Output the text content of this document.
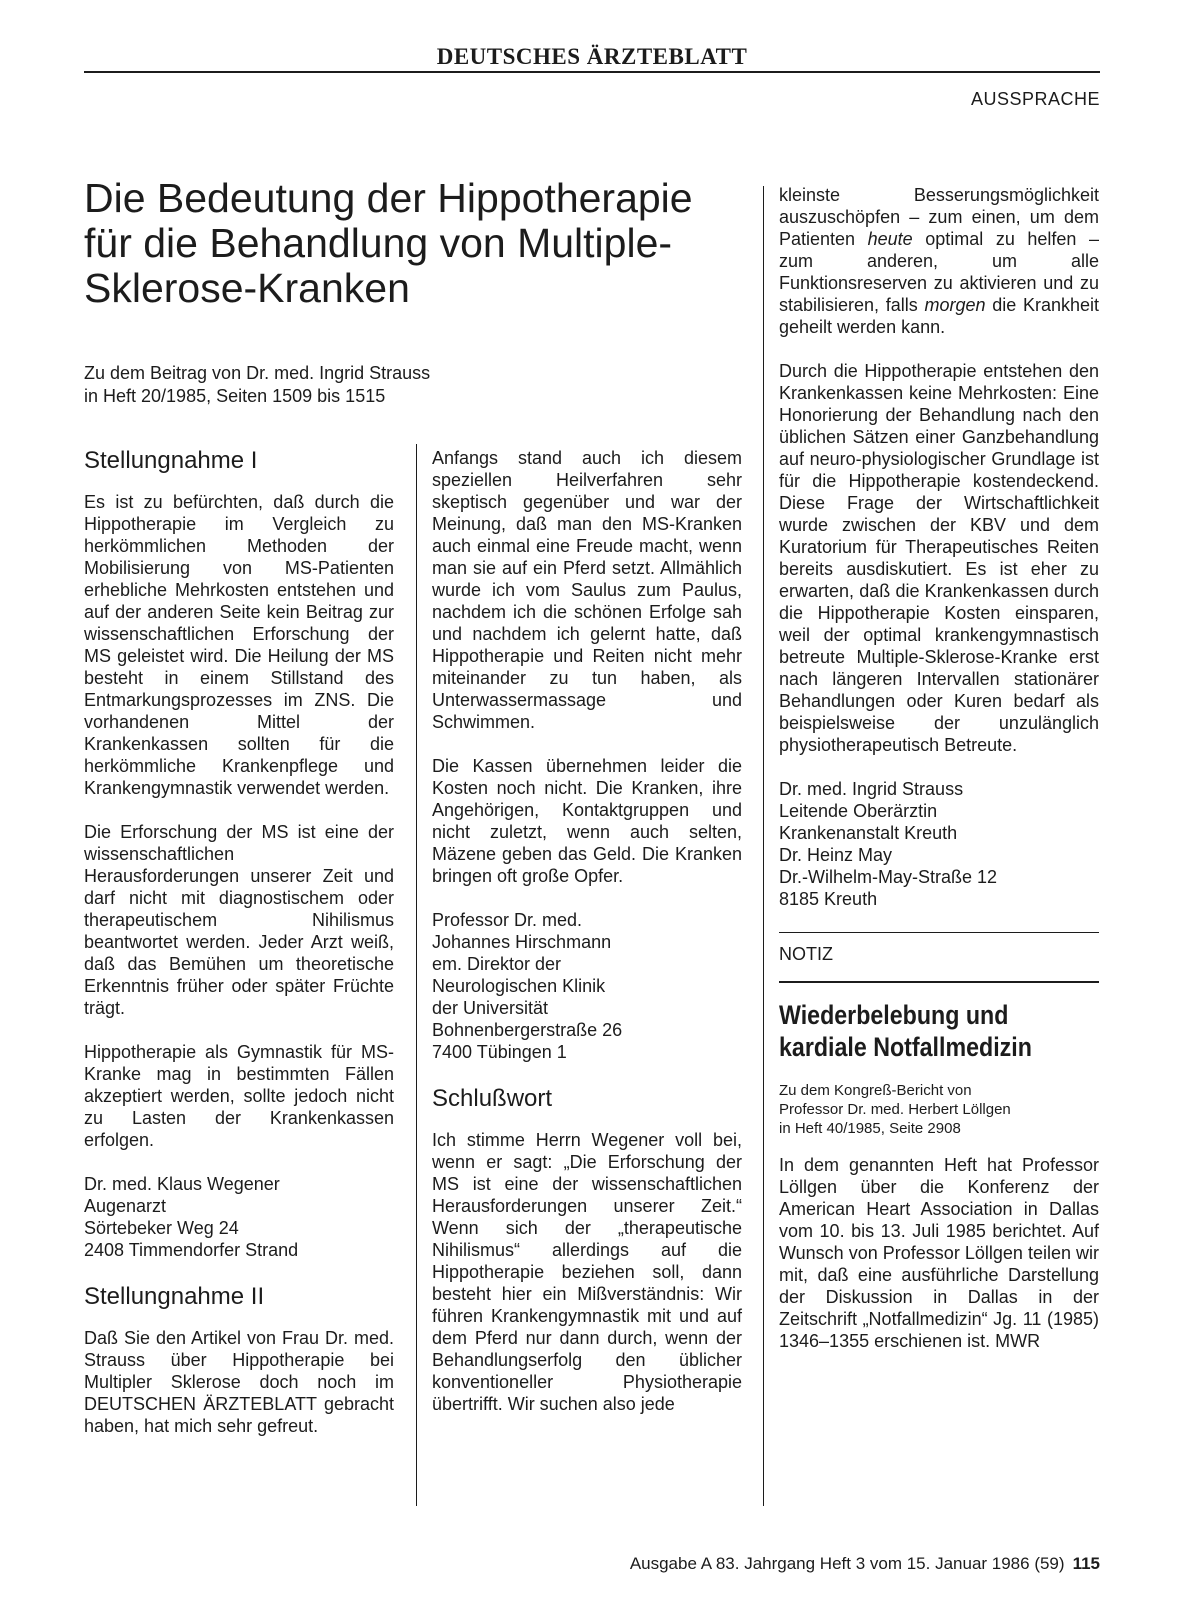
DEUTSCHES ÄRZTEBLATT
AUSSPRACHE
Die Bedeutung der Hippotherapie für die Behandlung von Multiple-Sklerose-Kranken
Zu dem Beitrag von Dr. med. Ingrid Strauss
in Heft 20/1985, Seiten 1509 bis 1515
Stellungnahme I

Es ist zu befürchten, daß durch die Hippotherapie im Vergleich zu herkömmlichen Methoden der Mobilisierung von MS-Patienten erhebliche Mehrkosten entstehen und auf der anderen Seite kein Beitrag zur wissenschaftlichen Erforschung der MS geleistet wird. Die Heilung der MS besteht in einem Stillstand des Entmarkungsprozesses im ZNS. Die vorhandenen Mittel der Krankenkassen sollten für die herkömmliche Krankenpflege und Krankengymnastik verwendet werden.

Die Erforschung der MS ist eine der wissenschaftlichen Herausforderungen unserer Zeit und darf nicht mit diagnostischem oder therapeutischem Nihilismus beantwortet werden. Jeder Arzt weiß, daß das Bemühen um theoretische Erkenntnis früher oder später Früchte trägt.

Hippotherapie als Gymnastik für MS-Kranke mag in bestimmten Fällen akzeptiert werden, sollte jedoch nicht zu Lasten der Krankenkassen erfolgen.

Dr. med. Klaus Wegener
Augenarzt
Sörtebeker Weg 24
2408 Timmendorfer Strand

Stellungnahme II

Daß Sie den Artikel von Frau Dr. med. Strauss über Hippotherapie bei Multipler Sklerose doch noch im DEUTSCHEN ÄRZTEBLATT gebracht haben, hat mich sehr gefreut.

Anfangs stand auch ich diesem speziellen Heilverfahren sehr skeptisch gegenüber und war der Meinung, daß man den MS-Kranken auch einmal eine Freude macht, wenn man sie auf ein Pferd setzt. Allmählich wurde ich vom Saulus zum Paulus, nachdem ich die schönen Erfolge sah und nachdem ich gelernt hatte, daß Hippotherapie und Reiten nicht mehr miteinander zu tun haben, als Unterwassermassage und Schwimmen.

Die Kassen übernehmen leider die Kosten noch nicht. Die Kranken, ihre Angehörigen, Kontaktgruppen und nicht zuletzt, wenn auch selten, Mäzene geben das Geld. Die Kranken bringen oft große Opfer.

Professor Dr. med.
Johannes Hirschmann
em. Direktor der
Neurologischen Klinik
der Universität
Bohnenbergerstraße 26
7400 Tübingen 1

Schlußwort

Ich stimme Herrn Wegener voll bei, wenn er sagt: „Die Erforschung der MS ist eine der wissenschaftlichen Herausforderungen unserer Zeit.“ Wenn sich der „therapeutische Nihilismus“ allerdings auf die Hippotherapie beziehen soll, dann besteht hier ein Mißverständnis: Wir führen Krankengymnastik mit und auf dem Pferd nur dann durch, wenn der Behandlungserfolg den üblicher konventioneller Physiotherapie übertrifft. Wir suchen also jede

kleinste Besserungsmöglichkeit auszuschöpfen – zum einen, um dem Patienten heute optimal zu helfen – zum anderen, um alle Funktionsreserven zu aktivieren und zu stabilisieren, falls morgen die Krankheit geheilt werden kann.

Durch die Hippotherapie entstehen den Krankenkassen keine Mehrkosten: Eine Honorierung der Behandlung nach den üblichen Sätzen einer Ganzbehandlung auf neuro-physiologischer Grundlage ist für die Hippotherapie kostendeckend. Diese Frage der Wirtschaftlichkeit wurde zwischen der KBV und dem Kuratorium für Therapeutisches Reiten bereits ausdiskutiert. Es ist eher zu erwarten, daß die Krankenkassen durch die Hippotherapie Kosten einsparen, weil der optimal krankengymnastisch betreute Multiple-Sklerose-Kranke erst nach längeren Intervallen stationärer Behandlungen oder Kuren bedarf als beispielsweise der unzulänglich physiotherapeutisch Betreute.

Dr. med. Ingrid Strauss
Leitende Oberärztin
Krankenanstalt Kreuth
Dr. Heinz May
Dr.-Wilhelm-May-Straße 12
8185 Kreuth

NOTIZ
Wiederbelebung und
kardiale Notfallmedizin
Zu dem Kongreß-Bericht von
Professor Dr. med. Herbert Löllgen
in Heft 40/1985, Seite 2908

In dem genannten Heft hat Professor Löllgen über die Konferenz der American Heart Association in Dallas vom 10. bis 13. Juli 1985 berichtet. Auf Wunsch von Professor Löllgen teilen wir mit, daß eine ausführliche Darstellung der Diskussion in Dallas in der Zeitschrift „Notfallmedizin“ Jg. 11 (1985) 1346–1355 erschienen ist. MWR

Ausgabe A 83. Jahrgang Heft 3 vom 15. Januar 1986 (59) 115
